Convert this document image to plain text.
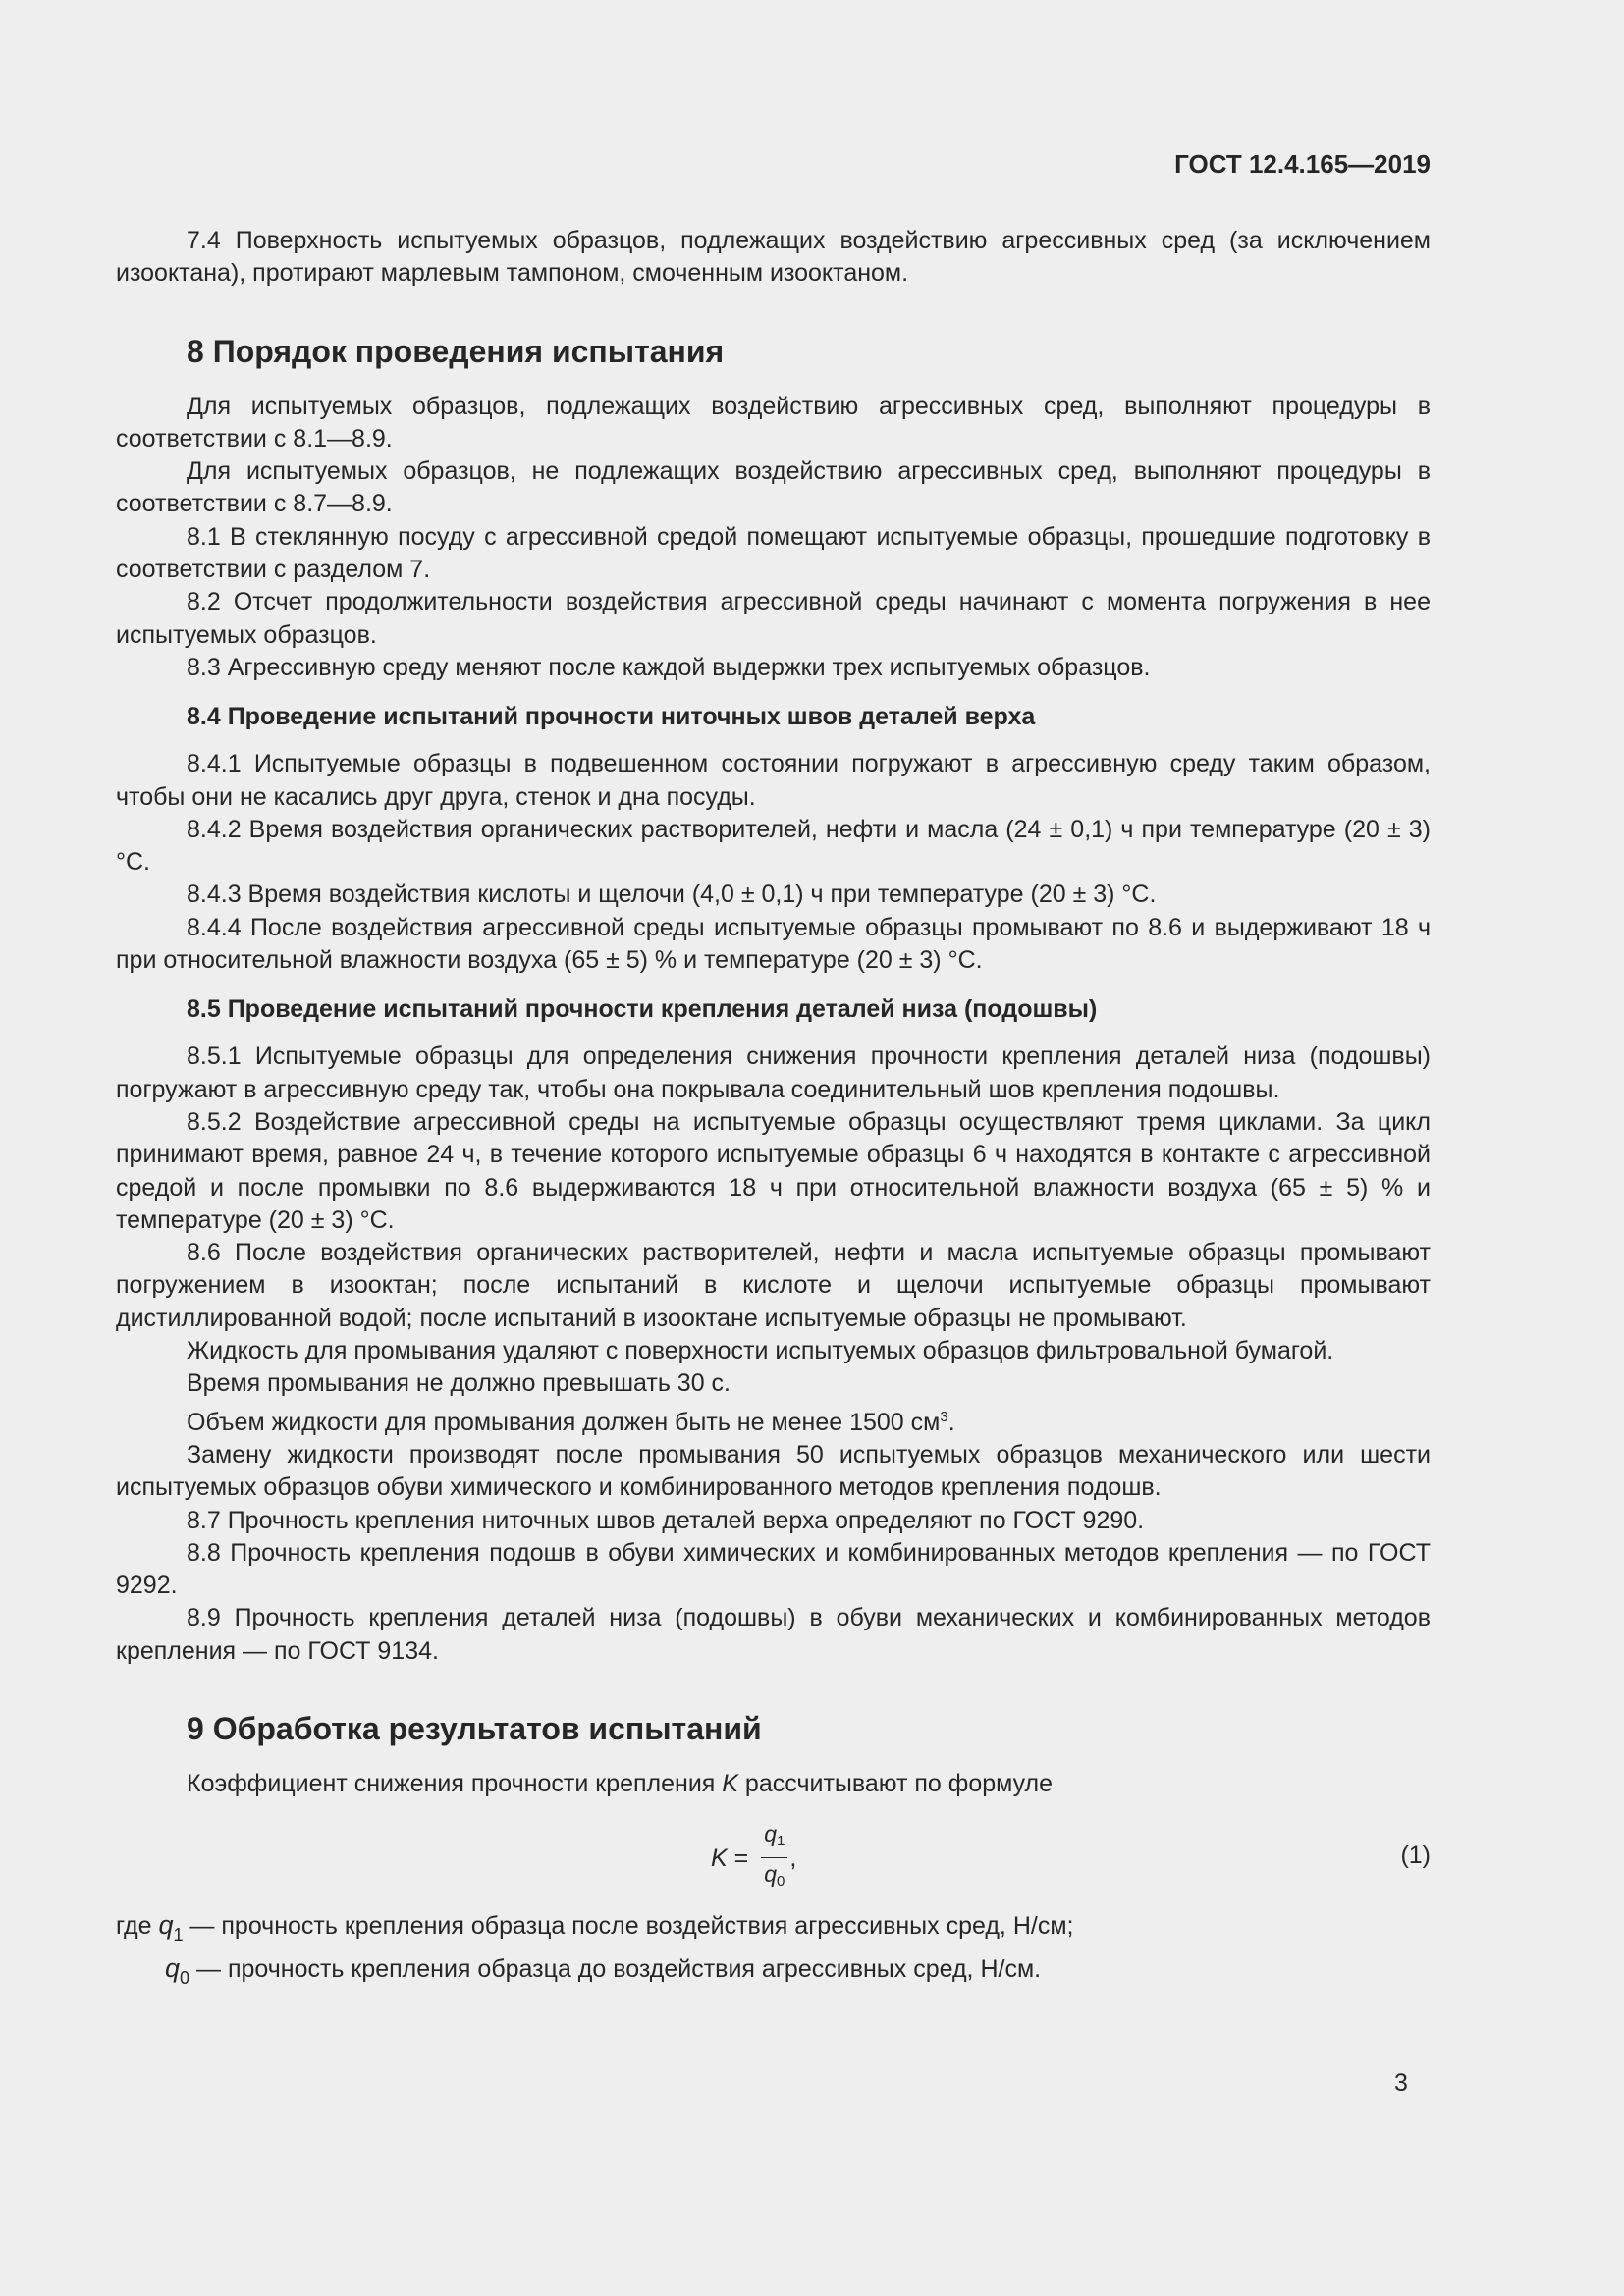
ГОСТ 12.4.165—2019

7.4 Поверхность испытуемых образцов, подлежащих воздействию агрессивных сред (за исключением изооктана), протирают марлевым тампоном, смоченным изооктаном.

8 Порядок проведения испытания

Для испытуемых образцов, подлежащих воздействию агрессивных сред, выполняют процедуры в соответствии с 8.1—8.9.

Для испытуемых образцов, не подлежащих воздействию агрессивных сред, выполняют процедуры в соответствии с 8.7—8.9.

8.1 В стеклянную посуду с агрессивной средой помещают испытуемые образцы, прошедшие подготовку в соответствии с разделом 7.

8.2 Отсчет продолжительности воздействия агрессивной среды начинают с момента погружения в нее испытуемых образцов.

8.3 Агрессивную среду меняют после каждой выдержки трех испытуемых образцов.

8.4 Проведение испытаний прочности ниточных швов деталей верха

8.4.1 Испытуемые образцы в подвешенном состоянии погружают в агрессивную среду таким образом, чтобы они не касались друг друга, стенок и дна посуды.

8.4.2 Время воздействия органических растворителей, нефти и масла (24 ± 0,1) ч при температуре (20 ± 3) °С.

8.4.3 Время воздействия кислоты и щелочи (4,0 ± 0,1) ч при температуре (20 ± 3) °С.

8.4.4 После воздействия агрессивной среды испытуемые образцы промывают по 8.6 и выдерживают 18 ч при относительной влажности воздуха (65 ± 5) % и температуре (20 ± 3) °С.

8.5 Проведение испытаний прочности крепления деталей низа (подошвы)

8.5.1 Испытуемые образцы для определения снижения прочности крепления деталей низа (подошвы) погружают в агрессивную среду так, чтобы она покрывала соединительный шов крепления подошвы.

8.5.2 Воздействие агрессивной среды на испытуемые образцы осуществляют тремя циклами. За цикл принимают время, равное 24 ч, в течение которого испытуемые образцы 6 ч находятся в контакте с агрессивной средой и после промывки по 8.6 выдерживаются 18 ч при относительной влажности воздуха (65 ± 5) % и температуре (20 ± 3) °С.

8.6 После воздействия органических растворителей, нефти и масла испытуемые образцы промывают погружением в изооктан; после испытаний в кислоте и щелочи испытуемые образцы промывают дистиллированной водой; после испытаний в изооктане испытуемые образцы не промывают.

Жидкость для промывания удаляют с поверхности испытуемых образцов фильтровальной бумагой.

Время промывания не должно превышать 30 с.

Объем жидкости для промывания должен быть не менее 1500 $см^3$.

Замену жидкости производят после промывания 50 испытуемых образцов механического или шести испытуемых образцов обуви химического и комбинированного методов крепления подошв.

8.7 Прочность крепления ниточных швов деталей верха определяют по ГОСТ 9290.

8.8 Прочность крепления подошв в обуви химических и комбинированных методов крепления — по ГОСТ 9292.

8.9 Прочность крепления деталей низа (подошвы) в обуви механических и комбинированных методов крепления — по ГОСТ 9134.

9 Обработка результатов испытаний

Коэффициент снижения прочности крепления K рассчитывают по формуле

$K = \frac{q_1}{q_0}$ ,	(1)

где $q_1$ — прочность крепления образца после воздействия агрессивных сред, Н/см;

$q_0$ — прочность крепления образца до воздействия агрессивных сред, Н/см.

3
